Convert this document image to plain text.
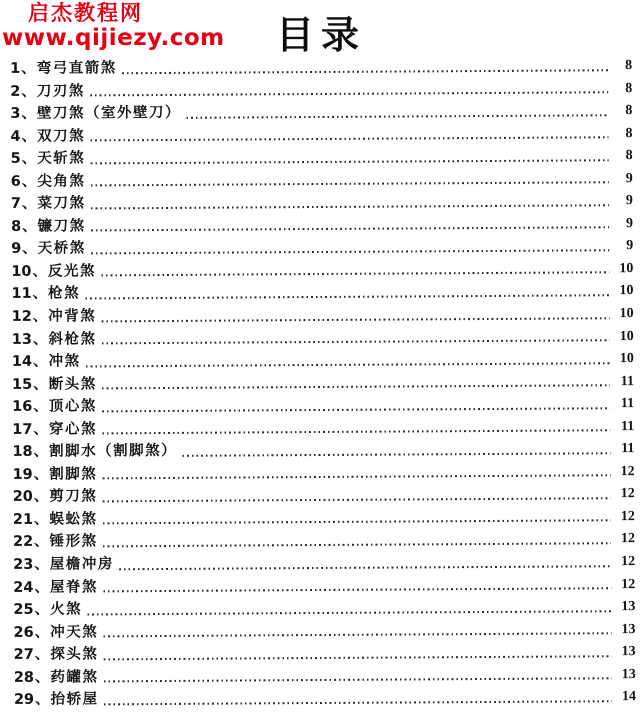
启杰教程网
www.qijiezy.com	目录
1 、 弯弓直箭煞	8
2 、 刀刃煞	8
3 、 壁刀煞（室外壁刀）	8
4 、 双刀煞	8
5 、 天斩煞	8
6 、 尖角煞	9
7 、 菜刀煞	9
8 、 镰刀煞	9
9 、 天桥煞	9
10 、 反光煞	10
11 、 枪煞	10
12 、 冲背煞	10
13 、 斜枪煞	10
14 、 冲煞	10
15 、 断头煞	11
16 、 顶心煞	11
17 、 穿心煞	11
18 、 割脚水（割脚煞）	11
19 、 割脚煞	12
20 、 剪刀煞	12
21 、 蜈蚣煞	12
22 、 锤形煞	12
23 、 屋檐冲房	12
24 、 屋脊煞	12
25 、 火煞	13
26 、 冲天煞	13
27 、 探头煞	13
28 、 药罐煞	13
29 、 抬轿屋	14
